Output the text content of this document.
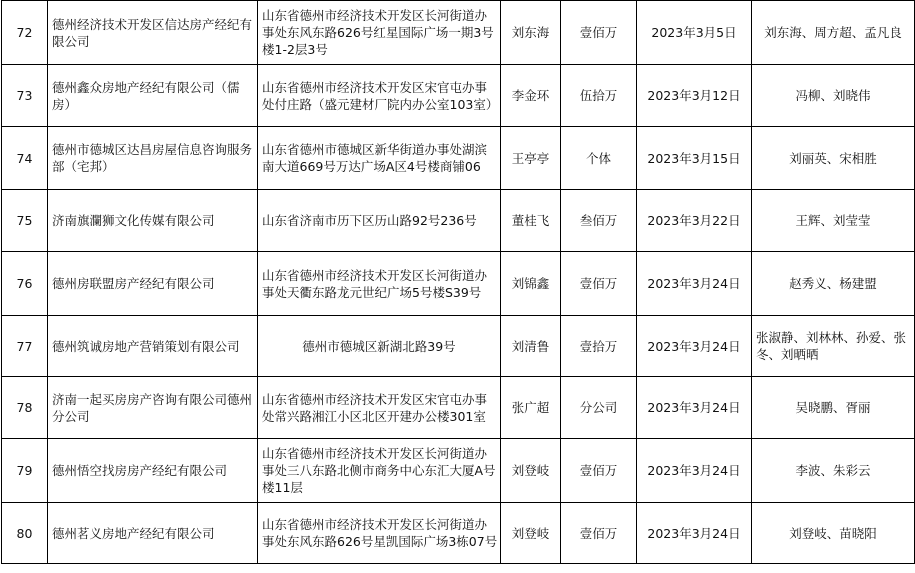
72	德州经济技术开发区信达房产经纪有限公司	山东省德州市经济技术开发区长河街道办事处东风东路626号红星国际广场一期3号楼1-2层3号	刘东海	壹佰万	2023年3月5日	刘东海、周方超、孟凡良
73	德州鑫众房地产经纪有限公司（儒房）	山东省德州市经济技术开发区宋官屯办事处付庄路（盛元建材厂院内办公室103室）	李金环	伍拾万	2023年3月12日	冯柳、刘晓伟
74	德州市德城区达昌房屋信息咨询服务部（宅邦）	山东省德州市德城区新华街道办事处湖滨南大道669号万达广场A区4号楼商铺06	王亭亭	个体	2023年3月15日	刘丽英、宋相胜
75	济南旗瀾狮文化传媒有限公司	山东省济南市历下区历山路92号236号	董桂飞	叁佰万	2023年3月22日	王辉、刘莹莹
76	德州房联盟房产经纪有限公司	山东省德州市经济技术开发区长河街道办事处天衢东路龙元世纪广场5号楼S39号	刘锦鑫	壹佰万	2023年3月24日	赵秀义、杨建盟
77	德州筑诚房地产营销策划有限公司	德州市德城区新湖北路39号	刘清鲁	壹拾万	2023年3月24日	张淑静、刘林林、孙爱、张冬、刘晒晒
78	济南一起买房房产咨询有限公司德州分公司	山东省德州市经济技术开发区宋官屯办事处常兴路湘江小区北区开建办公楼301室	张广超	分公司	2023年3月24日	吴晓鹏、胥丽
79	德州悟空找房房产经纪有限公司	山东省德州市经济技术开发区长河街道办事处三八东路北侧市商务中心东汇大厦A号楼11层	刘登岐	壹佰万	2023年3月24日	李波、朱彩云
80	德州茗义房地产经纪有限公司	山东省德州市经济技术开发区长河街道办事处东风东路626号星凯国际广场3栋07号	刘登岐	壹佰万	2023年3月24日	刘登岐、苗晓阳
